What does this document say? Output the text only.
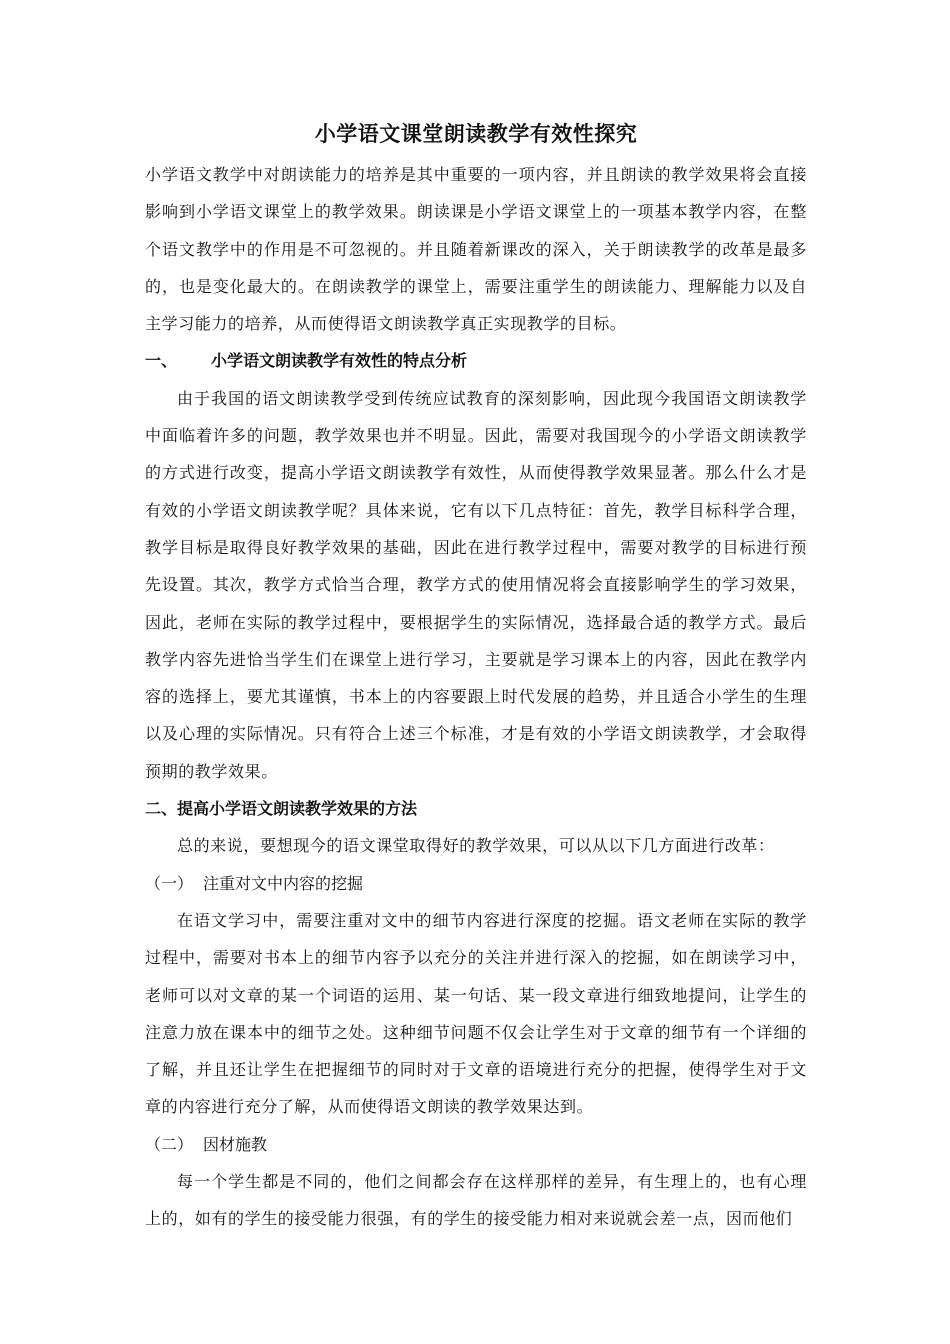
小学语文课堂朗读教学有效性探究

小学语文教学中对朗读能力的培养是其中重要的一项内容，并且朗读的教学效果将会直接影响到小学语文课堂上的教学效果。朗读课是小学语文课堂上的一项基本教学内容，在整个语文教学中的作用是不可忽视的。并且随着新课改的深入，关于朗读教学的改革是最多的，也是变化最大的。在朗读教学的课堂上，需要注重学生的朗读能力、理解能力以及自主学习能力的培养，从而使得语文朗读教学真正实现教学的目标。

一、 小学语文朗读教学有效性的特点分析

由于我国的语文朗读教学受到传统应试教育的深刻影响，因此现今我国语文朗读教学中面临着许多的问题，教学效果也并不明显。因此，需要对我国现今的小学语文朗读教学的方式进行改变，提高小学语文朗读教学有效性，从而使得教学效果显著。那么什么才是有效的小学语文朗读教学呢？具体来说，它有以下几点特征：首先，教学目标科学合理，教学目标是取得良好教学效果的基础，因此在进行教学过程中，需要对教学的目标进行预先设置。其次，教学方式恰当合理，教学方式的使用情况将会直接影响学生的学习效果，因此，老师在实际的教学过程中，要根据学生的实际情况，选择最合适的教学方式。最后教学内容先进恰当学生们在课堂上进行学习，主要就是学习课本上的内容，因此在教学内容的选择上，要尤其谨慎，书本上的内容要跟上时代发展的趋势，并且适合小学生的生理以及心理的实际情况。只有符合上述三个标准，才是有效的小学语文朗读教学，才会取得预期的教学效果。

二、提高小学语文朗读教学效果的方法

总的来说，要想现今的语文课堂取得好的教学效果，可以从以下几方面进行改革：

（一） 注重对文中内容的挖掘

在语文学习中，需要注重对文中的细节内容进行深度的挖掘。语文老师在实际的教学过程中，需要对书本上的细节内容予以充分的关注并进行深入的挖掘，如在朗读学习中，老师可以对文章的某一个词语的运用、某一句话、某一段文章进行细致地提问，让学生的注意力放在课本中的细节之处。这种细节问题不仅会让学生对于文章的细节有一个详细的了解，并且还让学生在把握细节的同时对于文章的语境进行充分的把握，使得学生对于文章的内容进行充分了解，从而使得语文朗读的教学效果达到。

（二） 因材施教

每一个学生都是不同的，他们之间都会存在这样那样的差异，有生理上的，也有心理上的，如有的学生的接受能力很强，有的学生的接受能力相对来说就会差一点，因而他们
